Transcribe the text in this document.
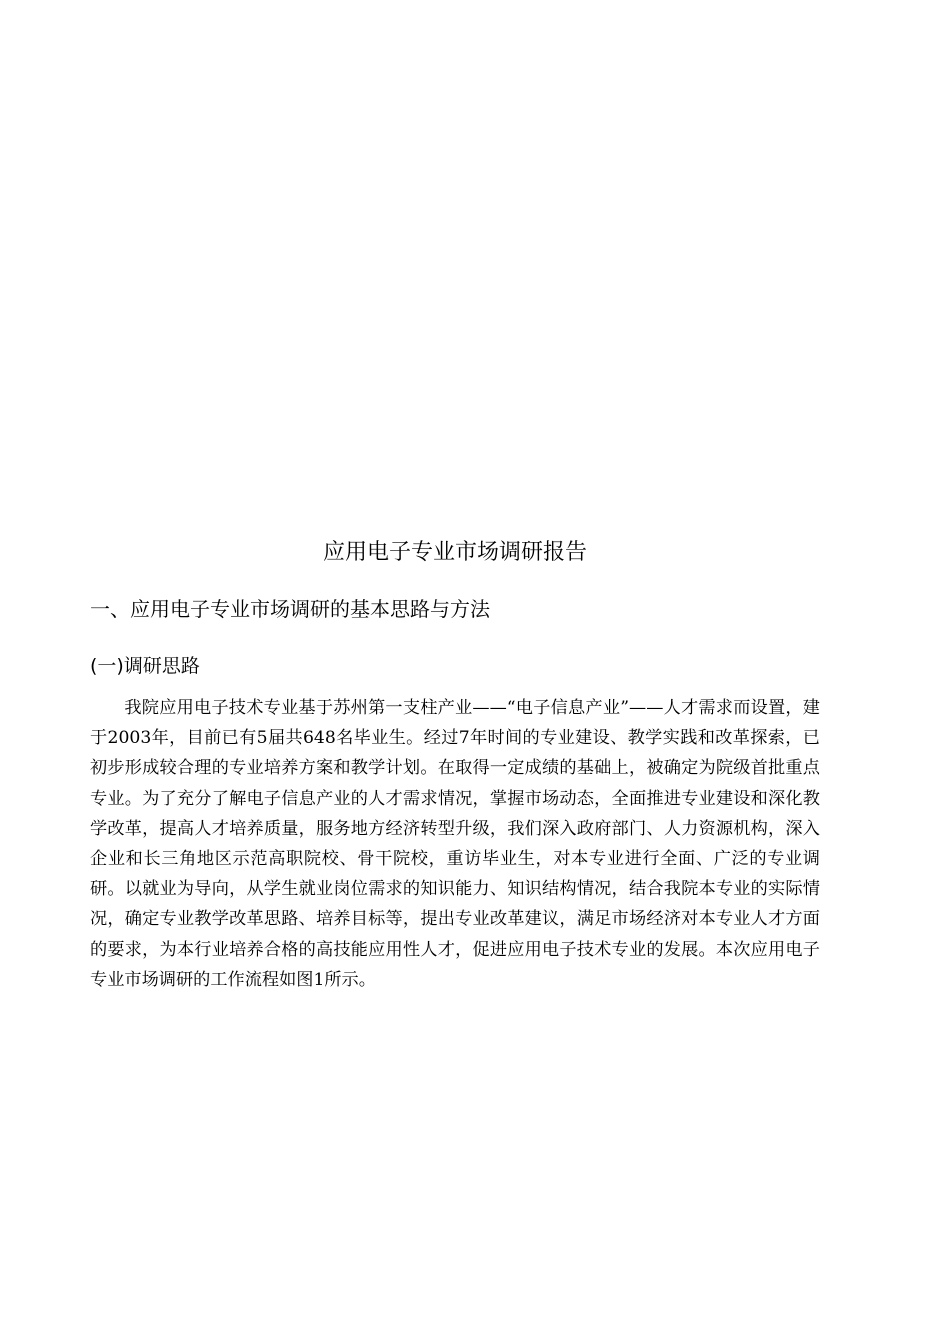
应用电子专业市场调研报告
一、应用电子专业市场调研的基本思路与方法
(一)调研思路

我院应用电子技术专业基于苏州第一支柱产业——“电子信息产业”——人才需求而设置，建于2003年，目前已有5届共648名毕业生。经过7年时间的专业建设、教学实践和改革探索，已初步形成较合理的专业培养方案和教学计划。在取得一定成绩的基础上，被确定为院级首批重点专业。为了充分了解电子信息产业的人才需求情况，掌握市场动态，全面推进专业建设和深化教学改革，提高人才培养质量，服务地方经济转型升级，我们深入政府部门、人力资源机构，深入企业和长三角地区示范高职院校、骨干院校，重访毕业生，对本专业进行全面、广泛的专业调研。以就业为导向，从学生就业岗位需求的知识能力、知识结构情况，结合我院本专业的实际情况，确定专业教学改革思路、培养目标等，提出专业改革建议，满足市场经济对本专业人才方面的要求，为本行业培养合格的高技能应用性人才，促进应用电子技术专业的发展。本次应用电子专业市场调研的工作流程如图1所示。
